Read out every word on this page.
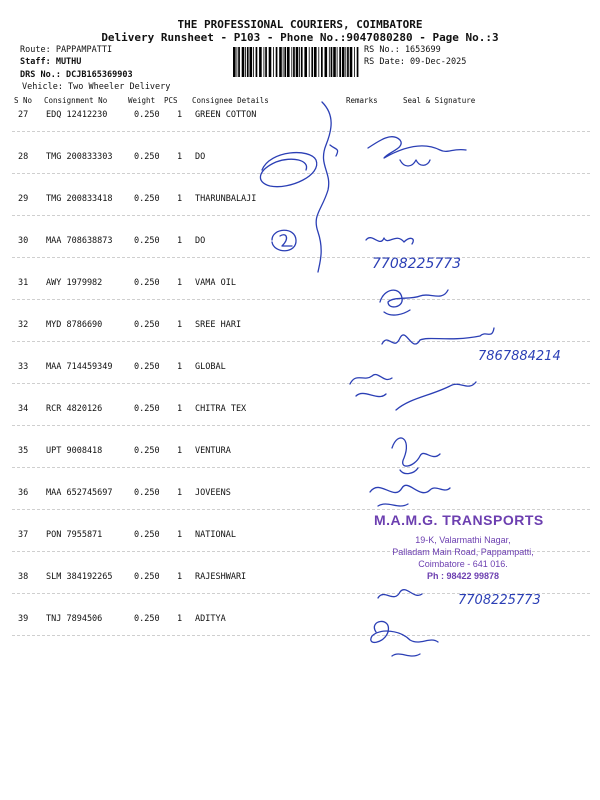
THE PROFESSIONAL COURIERS, COIMBATORE
Delivery Runsheet - P103 - Phone No.:9047080280 - Page No.:3
Route: PAPPAMPATTI
Staff: MUTHU
DRS No.: DCJB165369903
Vehicle: Two Wheeler Delivery
RS No.: 1653699
RS Date: 09-Dec-2025
S No Consignment No	Weight PCS Consignee Details	Remarks	Seal & Signature
27 EDQ 12412230	0.250 1 GREEN COTTON
28 TMG 200833303	0.250 1 DO
29 TMG 200833418	0.250 1 THARUNBALAJI
30 MAA 708638873	0.250 1 DO
31 AWY 1979982	0.250 1 VAMA OIL
32 MYD 8786690	0.250 1 SREE HARI
33 MAA 714459349	0.250 1 GLOBAL
34 RCR 4820126	0.250 1 CHITRA TEX
35 UPT 9008418	0.250 1 VENTURA
36 MAA 652745697	0.250 1 JOVEENS
37 PON 7955871	0.250 1 NATIONAL
38 SLM 384192265	0.250 1 RAJESHWARI
39 TNJ 7894506	0.250 1 ADITYA
M.A.M.G. TRANSPORTS
19-K, Valarmathi Nagar,
Palladam Main Road, Pappampatti,
Coimbatore - 641 016.
Ph : 98422 99878
7708225773
7867884214
7708225773
